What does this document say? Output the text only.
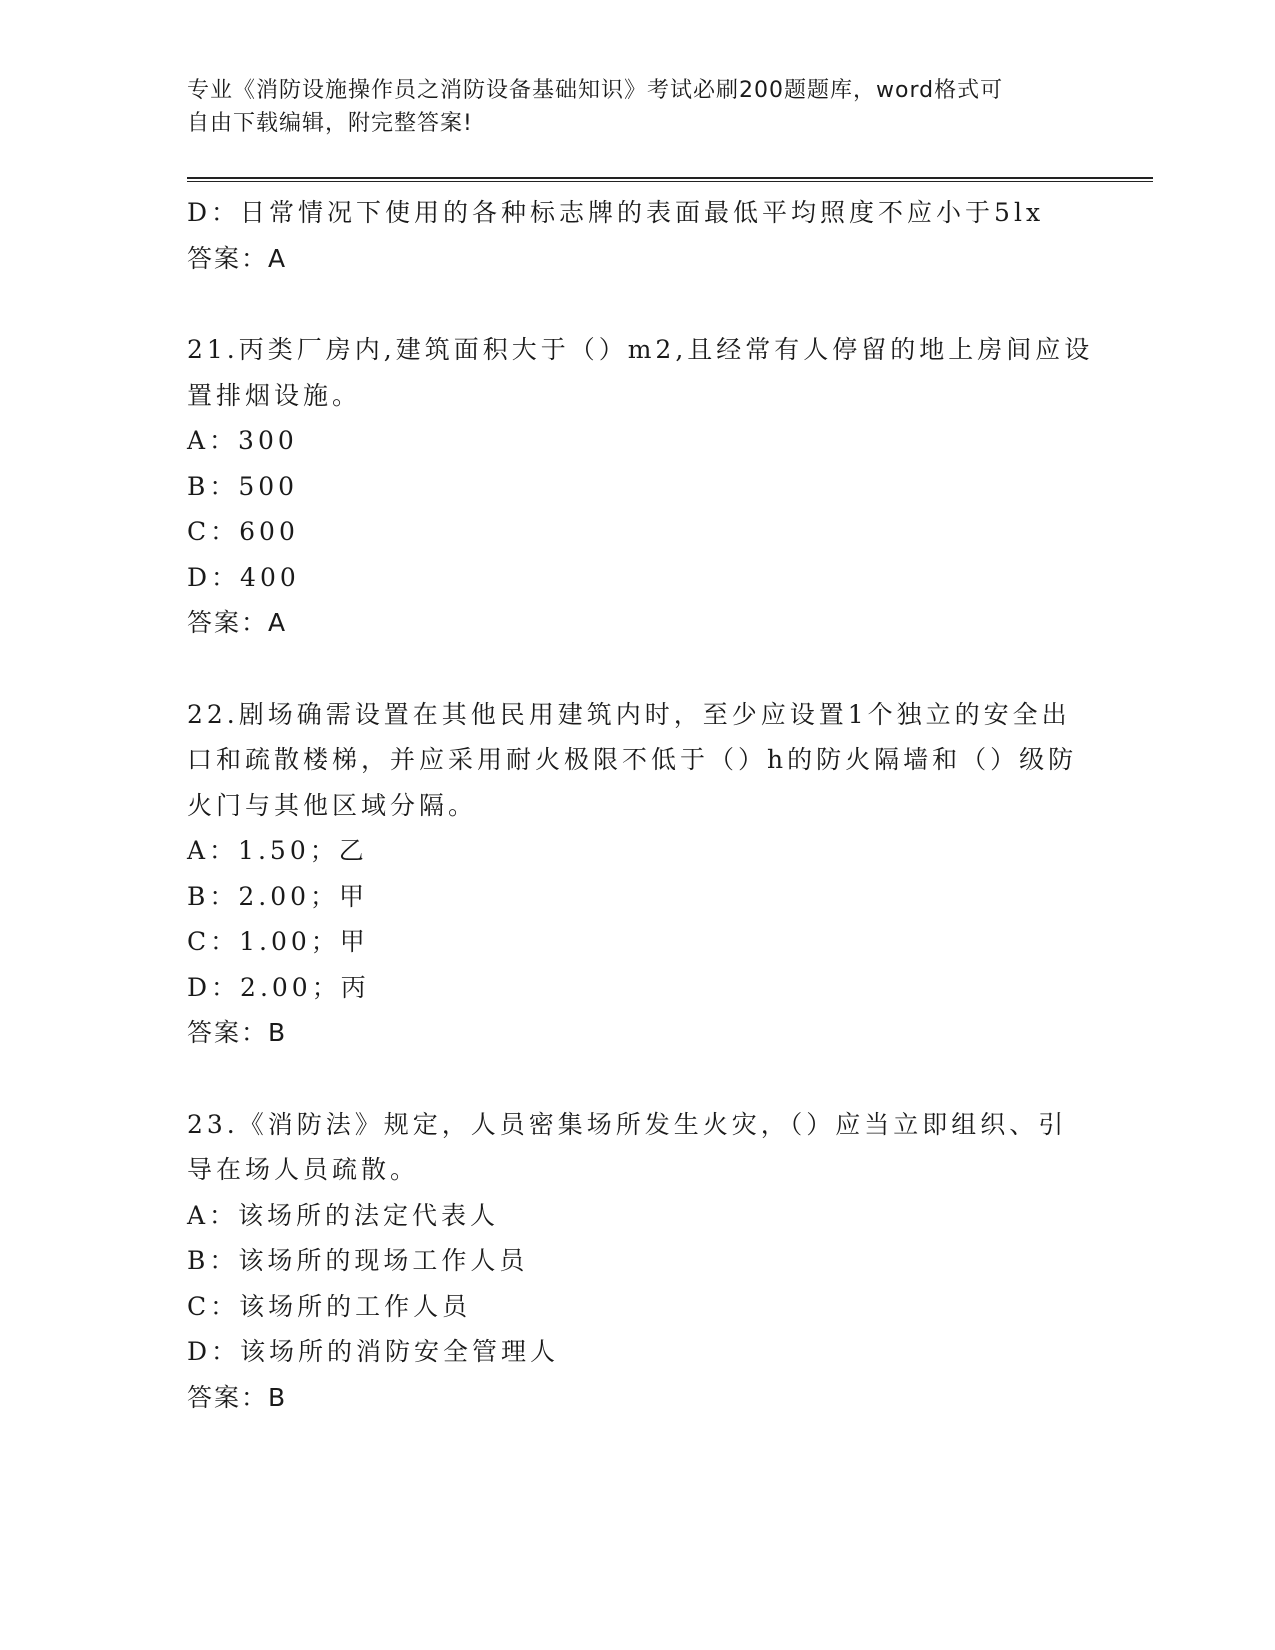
专业《消防设施操作员之消防设备基础知识》考试必刷200题题库，word格式可
自由下载编辑，附完整答案!
D：日常情况下使用的各种标志牌的表面最低平均照度不应小于5lx
答案：A
21.丙类厂房内,建筑面积大于（）m2,且经常有人停留的地上房间应设
置排烟设施。
A：300
B：500
C：600
D：400
答案：A
22.剧场确需设置在其他民用建筑内时，至少应设置1个独立的安全出
口和疏散楼梯，并应采用耐火极限不低于（）h的防火隔墙和（）级防
火门与其他区域分隔。
A：1.50；乙
B：2.00；甲
C：1.00；甲
D：2.00；丙
答案：B
23.《消防法》规定，人员密集场所发生火灾，（）应当立即组织、引
导在场人员疏散。
A：该场所的法定代表人
B：该场所的现场工作人员
C：该场所的工作人员
D：该场所的消防安全管理人
答案：B
